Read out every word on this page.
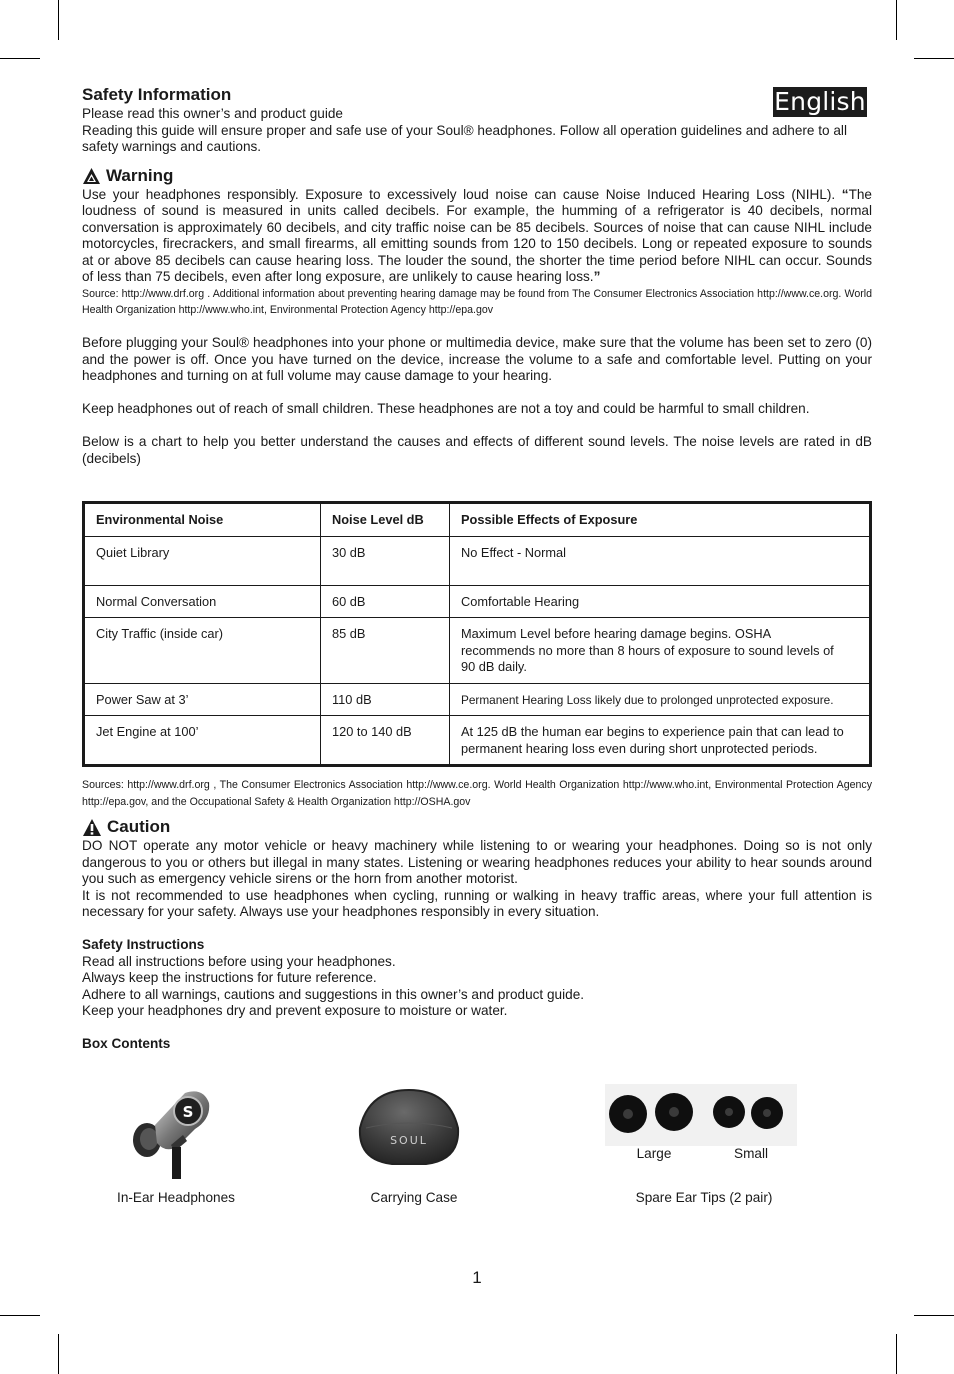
English
Safety Information

Please read this owner’s and product guide

Reading this guide will ensure proper and safe use of your Soul® headphones. Follow all operation guidelines and adhere to all safety warnings and cautions.

Warning

Use your headphones responsibly. Exposure to excessively loud noise can cause Noise Induced Hearing Loss (NIHL). “The loudness of sound is measured in units called decibels. For example, the humming of a refrigerator is 40 decibels, normal conversation is approximately 60 decibels, and city traffic noise can be 85 decibels. Sources of noise that can cause NIHL include motorcycles, firecrackers, and small firearms, all emitting sounds from 120 to 150 decibels. Long or repeated exposure to sounds at or above 85 decibels can cause hearing loss. The louder the sound, the shorter the time period before NIHL can occur. Sounds of less than 75 decibels, even after long exposure, are unlikely to cause hearing loss.”

Source: http://www.drf.org . Additional information about preventing hearing damage may be found from The Consumer Electronics Association http://www.ce.org. World Health Organization http://www.who.int, Environmental Protection Agency http://epa.gov

Before plugging your Soul® headphones into your phone or multimedia device, make sure that the volume has been set to zero (0) and the power is off. Once you have turned on the device, increase the volume to a safe and comfortable level. Putting on your headphones and turning on at full volume may cause damage to your hearing.

Keep headphones out of reach of small children. These headphones are not a toy and could be harmful to small children.

Below is a chart to help you better understand the causes and effects of different sound levels. The noise levels are rated in dB (decibels)

Environmental Noise	Noise Level dB	Possible Effects of Exposure
Quiet Library	30 dB	No Effect - Normal
Normal Conversation	60 dB	Comfortable Hearing
City Traffic (inside car)	85 dB	Maximum Level before hearing damage begins. OSHA recommends no more than 8 hours of exposure to sound levels of 90 dB daily.
Power Saw at 3’	110 dB	Permanent Hearing Loss likely due to prolonged unprotected exposure.
Jet Engine at 100’	120 to 140 dB	At 125 dB the human ear begins to experience pain that can lead to permanent hearing loss even during short unprotected periods.

Sources: http://www.drf.org , The Consumer Electronics Association http://www.ce.org. World Health Organization http://www.who.int, Environmental Protection Agency http://epa.gov, and the Occupational Safety & Health Organization http://OSHA.gov

Caution

DO NOT operate any motor vehicle or heavy machinery while listening to or wearing your headphones. Doing so is not only dangerous to you or others but illegal in many states. Listening or wearing headphones reduces your ability to hear sounds around you such as emergency vehicle sirens or the horn from another motorist.

It is not recommended to use headphones when cycling, running or walking in heavy traffic areas, where your full attention is necessary for your safety. Always use your headphones responsibly in every situation.

Safety Instructions

Read all instructions before using your headphones.

Always keep the instructions for future reference.

Adhere to all warnings, cautions and suggestions in this owner’s and product guide.

Keep your headphones dry and prevent exposure to moisture or water.

Box Contents

S
SOUL
Large	Small
In-Ear Headphones	Carrying Case	Spare Ear Tips (2 pair)
1
